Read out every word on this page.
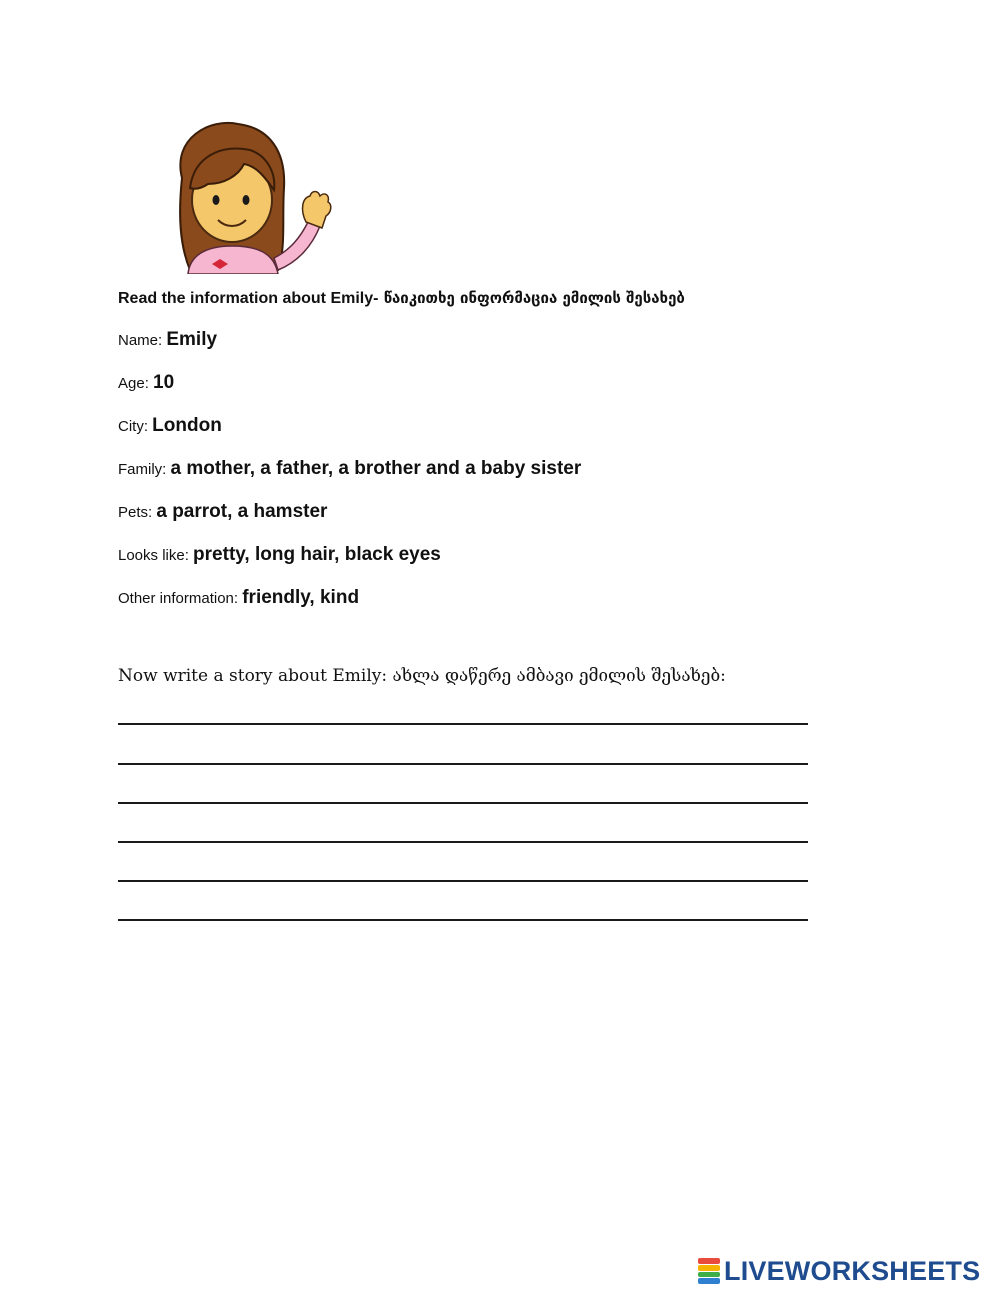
Read the information about Emily- წაიკითხე ინფორმაცია ემილის შესახებ
Name: Emily
Age: 10
City: London
Family: a mother, a father, a brother and a baby sister
Pets: a parrot, a hamster
Looks like: pretty, long hair, black eyes
Other information: friendly, kind
Now write a story about Emily: ახლა დაწერე ამბავი ემილის შესახებ:
LIVEWORKSHEETS
